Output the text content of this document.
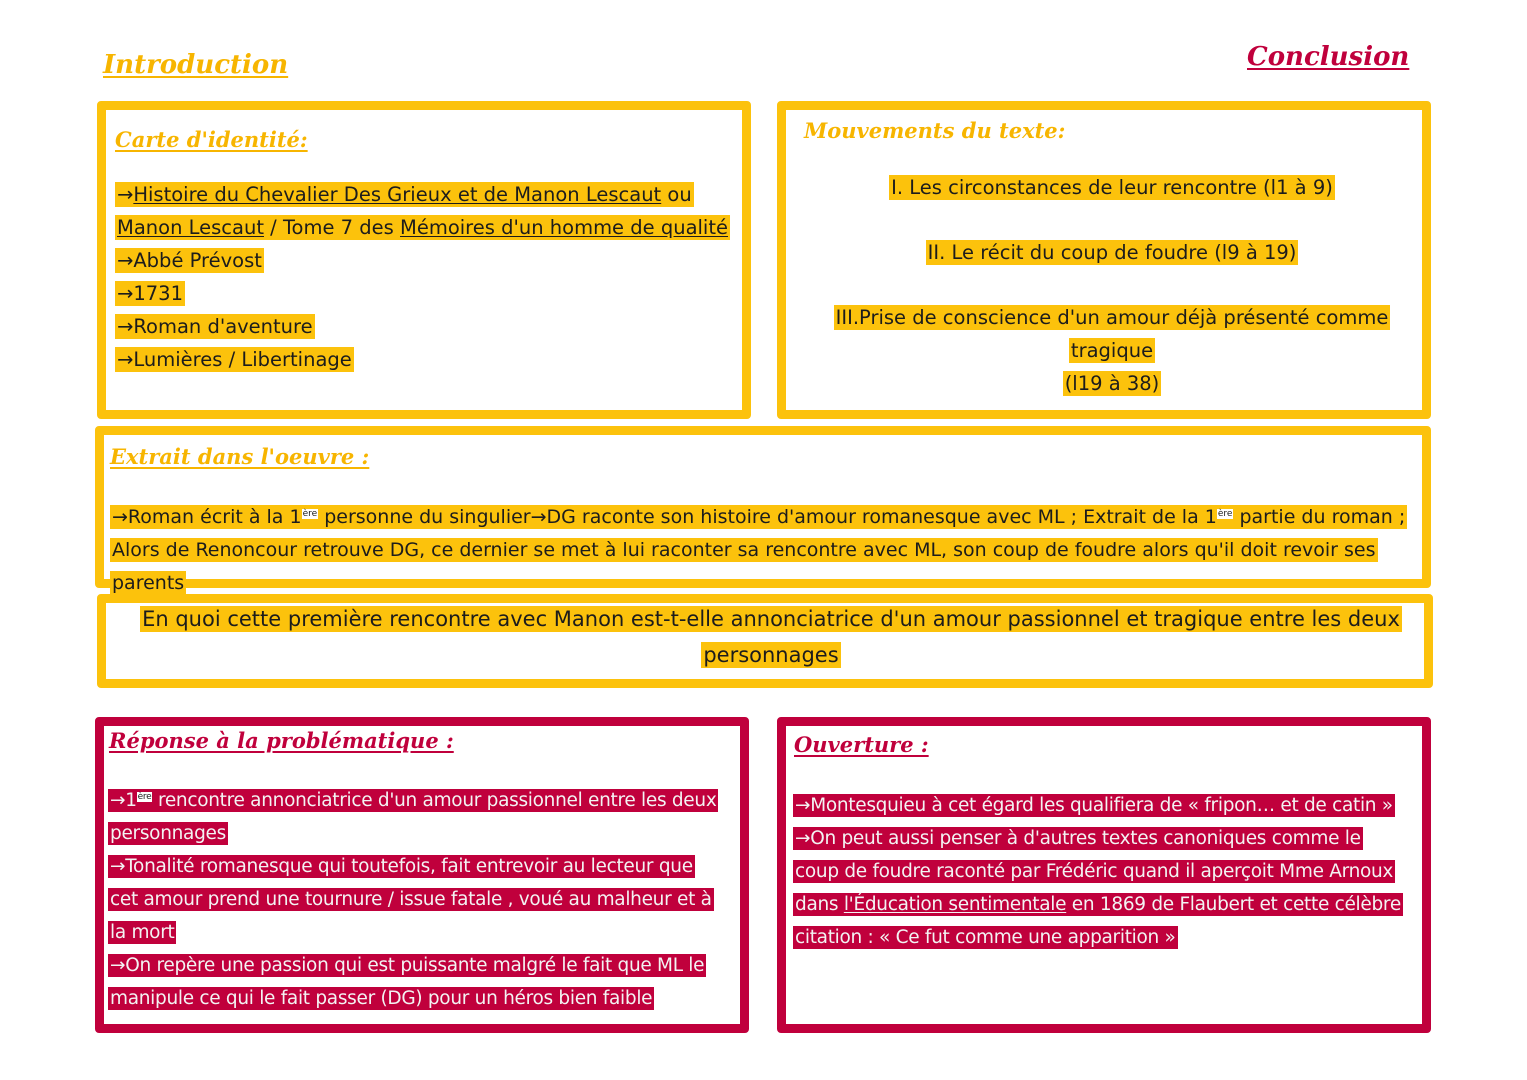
Introduction	Conclusion
Carte d'identité:
→Histoire du Chevalier Des Grieux et de Manon Lescaut ou
Manon Lescaut / Tome 7 des Mémoires d'un homme de qualité
→Abbé Prévost
→1731
→Roman d'aventure
→Lumières / Libertinage
Mouvements du texte:
I. Les circonstances de leur rencontre (l1 à 9)
II. Le récit du coup de foudre (l9 à 19)
III.Prise de conscience d'un amour déjà présenté comme tragique
(l19 à 38)
Extrait dans l'oeuvre :
→Roman écrit à la 1ère personne du singulier→DG raconte son histoire d'amour romanesque avec ML ; Extrait de la 1ère partie du roman ;
Alors de Renoncour retrouve DG, ce dernier se met à lui raconter sa rencontre avec ML, son coup de foudre alors qu'il doit revoir ses parents
En quoi cette première rencontre avec Manon est-t-elle annonciatrice d'un amour passionnel et tragique entre les deux
personnages
Réponse à la problématique :
→1ère rencontre annonciatrice d'un amour passionnel entre les deux
personnages
→Tonalité romanesque qui toutefois, fait entrevoir au lecteur que
cet amour prend une tournure / issue fatale , voué au malheur et à
la mort
→On repère une passion qui est puissante malgré le fait que ML le
manipule ce qui le fait passer (DG) pour un héros bien faible
Ouverture :
→Montesquieu à cet égard les qualifiera de « fripon… et de catin »
→On peut aussi penser à d'autres textes canoniques comme le
coup de foudre raconté par Frédéric quand il aperçoit Mme Arnoux
dans l'Éducation sentimentale en 1869 de Flaubert et cette célèbre
citation : « Ce fut comme une apparition »
